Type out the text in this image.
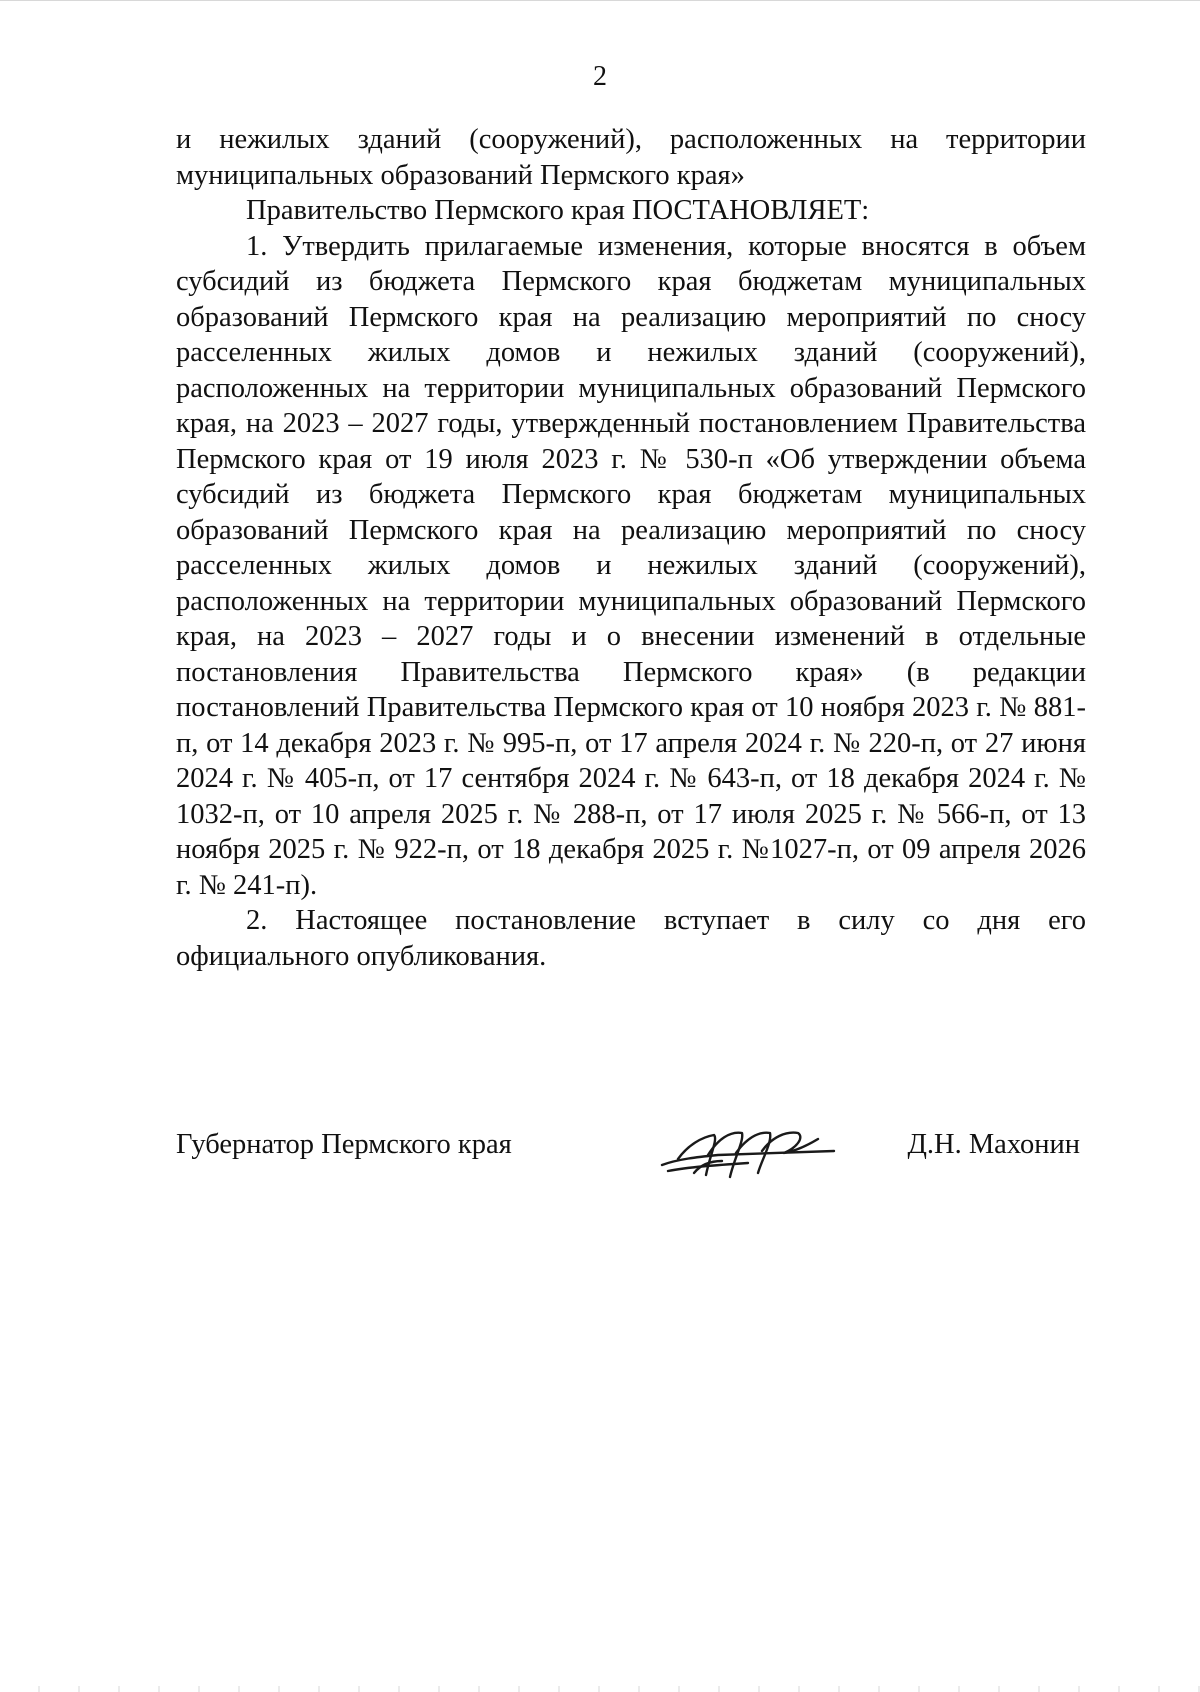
2

и нежилых зданий (сооружений), расположенных на территории муниципальных образований Пермского края»

Правительство Пермского края ПОСТАНОВЛЯЕТ:

1. Утвердить прилагаемые изменения, которые вносятся в объем субсидий из бюджета Пермского края бюджетам муниципальных образований Пермского края на реализацию мероприятий по сносу расселенных жилых домов и нежилых зданий (сооружений), расположенных на территории муниципальных образований Пермского края, на 2023 – 2027 годы, утвержденный постановлением Правительства Пермского края от 19 июля 2023 г. № 530-п «Об утверждении объема субсидий из бюджета Пермского края бюджетам муниципальных образований Пермского края на реализацию мероприятий по сносу расселенных жилых домов и нежилых зданий (сооружений), расположенных на территории муниципальных образований Пермского края, на 2023 – 2027 годы и о внесении изменений в отдельные постановления Правительства Пермского края» (в редакции постановлений Правительства Пермского края от 10 ноября 2023 г. № 881-п, от 14 декабря 2023 г. № 995-п, от 17 апреля 2024 г. № 220-п, от 27 июня 2024 г. № 405-п, от 17 сентября 2024 г. № 643-п, от 18 декабря 2024 г. № 1032-п, от 10 апреля 2025 г. № 288-п, от 17 июля 2025 г. № 566-п, от 13 ноября 2025 г. № 922-п, от 18 декабря 2025 г. №1027-п, от 09 апреля 2026 г. № 241-п).

2. Настоящее постановление вступает в силу со дня его официального опубликования.

Губернатор Пермского края	Д.Н. Махонин
